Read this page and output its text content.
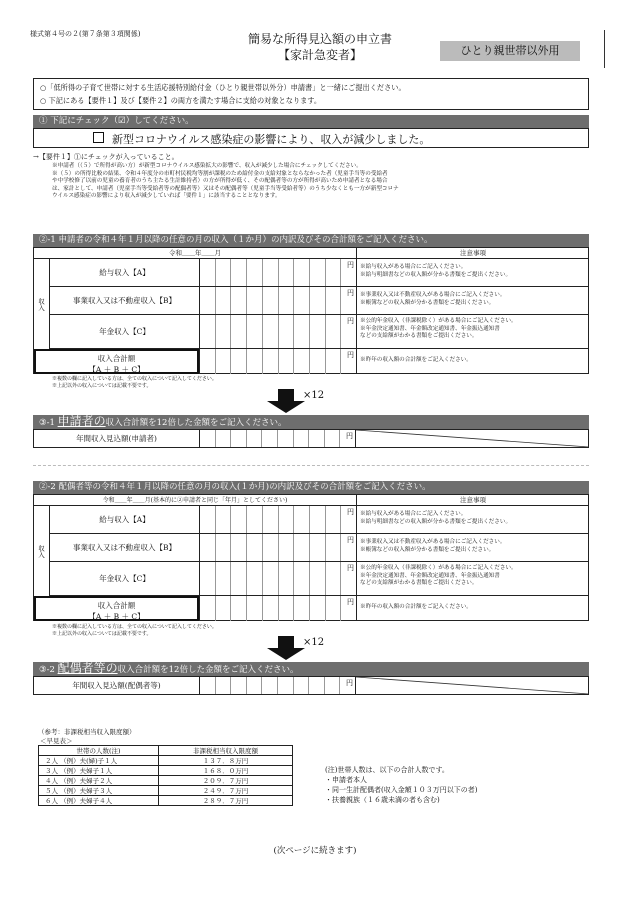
様式第４号の２(第７条第３項関係)	簡易な所得見込額の申立書
【家計急変者】	ひとり親世帯以外用
○「低所得の子育て世帯に対する生活応援特別給付金（ひとり親世帯以外分）申請書」と一緒にご提出ください。
○ 下記にある【要件１】及び【要件２】の両方を満たす場合に支給の対象となります。
① 下記にチェック（☑）してください。
新型コロナウイルス感染症の影響により、収入が減少しました。
→【要件１】①にチェックが入っていること。
※申請者（（５）で所得が高い方）が新型コロナウイルス感染拡大の影響で、収入が減少した場合にチェックしてください。
※（５）の所得比較の結果、令和４年度分の市町村民税均等割が課税のため給付金の支給対象とならなかった者（児童手当等の受給者
や中学校修了以前の児童の養育者のうち主たる生計維持者）の方が所得が低く、その配偶者等の方が所得が高いため申請者となる場合
は、家計として、申請者（児童手当等受給者等の配偶者等）又はその配偶者等（児童手当等受給者等）のうち少なくとも一方が新型コロナ
ウイルス感染症の影響により収入が減少していれば「要件１」に該当することとなります。
②-1 申請者の令和４年１月以降の任意の月の収入（１か月）の内訳及びその合計額をご記入ください。
令和＿＿年＿＿月	注意事項
収入
給与収入【A】
円 ※給与収入がある場合にご記入ください。
※給与明細書などの収入額が分かる書類をご提出ください。
事業収入又は不動産収入【B】
円 ※事業収入又は不動産収入がある場合にご記入ください。
※帳簿などの収入額が分かる書類をご提出ください。
年金収入【C】
円 ※公的年金収入（非課税除く）がある場合にご記入ください。
※年金決定通知書、年金額改定通知書、年金振込通知書
などの支給額がわかる書類をご提出ください。
収入合計額
【A ＋ B ＋ C】
円
※昨年の収入額の合計額をご記入ください。
※複数の欄に記入している方は、全ての収入について記入してください。
※上記以外の収入については記載不要です。
×12
③-1 申請者の収入合計額を12倍した金額をご記入ください。
年間収入見込額(申請者)	円
②-2 配偶者等の令和４年１月以降の任意の月の収入(１か月)の内訳及びその合計額をご記入ください。
令和＿＿年＿＿月(基本的に②申請者と同じ「年月」としてください)	注意事項
収入
給与収入【A】
円 ※給与収入がある場合にご記入ください。
※給与明細書などの収入額が分かる書類をご提出ください。
事業収入又は不動産収入【B】
円 ※事業収入又は不動産収入がある場合にご記入ください。
※帳簿などの収入額が分かる書類をご提出ください。
年金収入【C】
円 ※公的年金収入（非課税除く）がある場合にご記入ください。
※年金決定通知書、年金額改定通知書、年金振込通知書
などの支給額がわかる書類をご提出ください。
収入合計額
【A ＋ B ＋ C】
円
※昨年の収入額の合計額をご記入ください。
※複数の欄に記入している方は、全ての収入について記入してください。
※上記以外の収入については記載不要です。
×12
③-2 配偶者等の収入合計額を12倍した金額をご記入ください。
年間収入見込額(配偶者等)	円
（参考：非課税相当収入限度額）
＜早見表＞
世帯の人数(注)	非課税相当収入限度額
２人 （例）夫(婦)子１人	１３７．８万円
３人 （例）夫婦子１人	１６８．０万円
４人 （例）夫婦子２人	２０９．７万円
５人 （例）夫婦子３人	２４９．７万円
６人 （例）夫婦子４人	２８９．７万円
(注)世帯人数は、以下の合計人数です。
・申請者本人
・同一生計配偶者(収入金額１０３万円以下の者)
・扶養親族（１６歳未満の者も含む)
(次ページに続きます)
